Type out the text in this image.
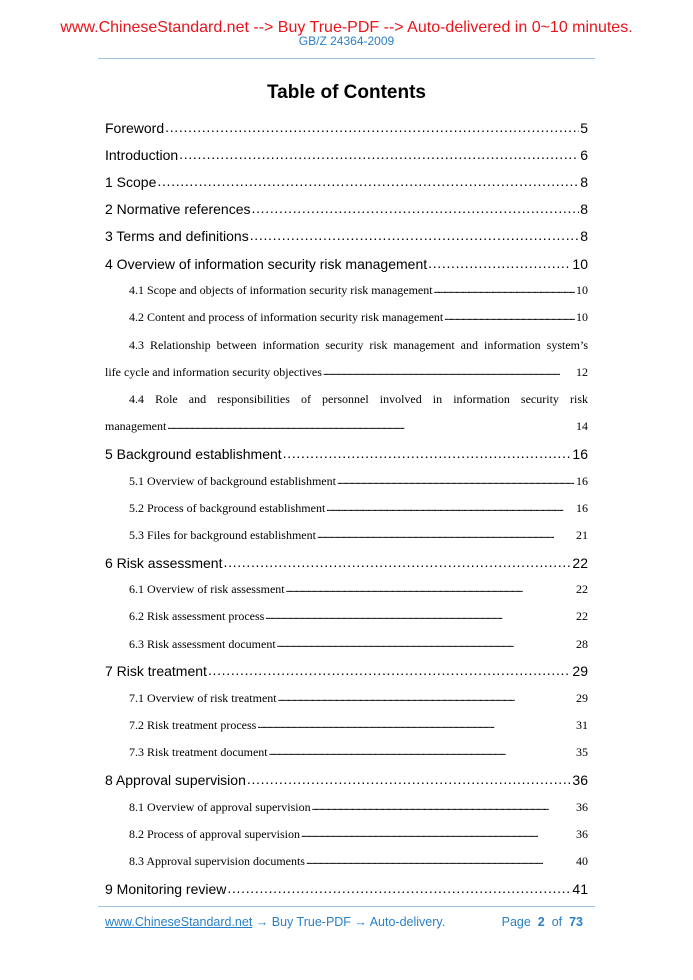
www.ChineseStandard.net --> Buy True-PDF --> Auto-delivered in 0~10 minutes.
GB/Z 24364-2009
Table of Contents
Foreword . . .	5
Introduction . . .	6
1 Scope . . .	8
2 Normative references . . .	8
3 Terms and definitions . . .	8
4 Overview of information security risk management . . .	10
4.1 Scope and objects of information security risk management . . .	10
4.2 Content and process of information security risk management . . .	10
4.3 Relationship between information security risk management and information system’s
life cycle and information security objectives . . .	12
4.4 Role and responsibilities of personnel involved in information security risk
management . . .	14
5 Background establishment . . .	16
5.1 Overview of background establishment . . .	16
5.2 Process of background establishment . . .	16
5.3 Files for background establishment . . .	21
6 Risk assessment . . .	22
6.1 Overview of risk assessment . . .	22
6.2 Risk assessment process . . .	22
6.3 Risk assessment document . . .	28
7 Risk treatment . . .	29
7.1 Overview of risk treatment . . .	29
7.2 Risk treatment process . . .	31
7.3 Risk treatment document . . .	35
8 Approval supervision . . .	36
8.1 Overview of approval supervision . . .	36
8.2 Process of approval supervision . . .	36
8.3 Approval supervision documents . . .	40
9 Monitoring review . . .	41
www.ChineseStandard.net → Buy True-PDF → Auto-delivery.	Page 2 of 73
